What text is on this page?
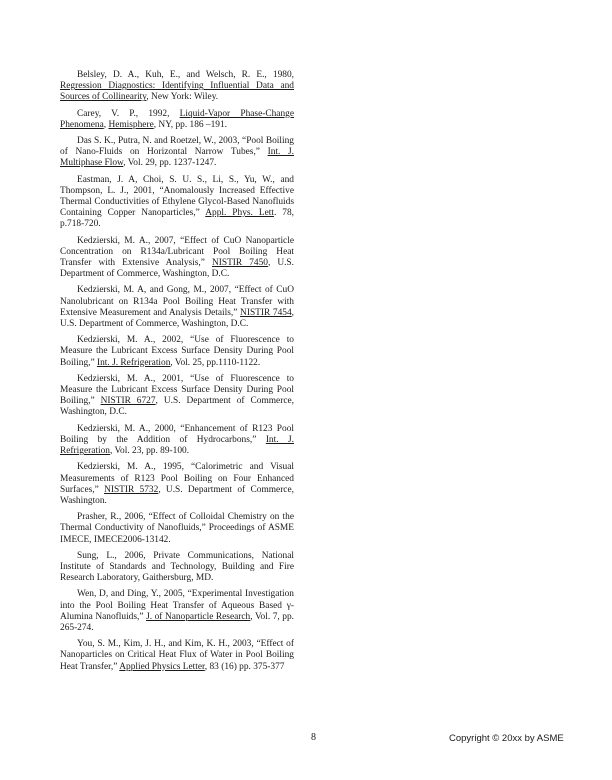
Belsley, D. A., Kuh, E., and Welsch, R. E., 1980, Regression Diagnostics: Identifying Influential Data and Sources of Collinearity, New York: Wiley.

Carey, V. P., 1992, Liquid-Vapor Phase-Change Phenomena, Hemisphere, NY, pp. 186 –191.

Das S. K., Putra, N. and Roetzel, W., 2003, “Pool Boiling of Nano-Fluids on Horizontal Narrow Tubes,” Int. J. Multiphase Flow, Vol. 29, pp. 1237-1247.

Eastman, J. A, Choi, S. U. S., Li, S., Yu, W., and Thompson, L. J., 2001, “Anomalously Increased Effective Thermal Conductivities of Ethylene Glycol-Based Nanofluids Containing Copper Nanoparticles,” Appl. Phys. Lett. 78, p.718-720.

Kedzierski, M. A., 2007, “Effect of CuO Nanoparticle Concentration on R134a/Lubricant Pool Boiling Heat Transfer with Extensive Analysis,” NISTIR 7450, U.S. Department of Commerce, Washington, D.C.

Kedzierski, M. A, and Gong, M., 2007, “Effect of CuO Nanolubricant on R134a Pool Boiling Heat Transfer with Extensive Measurement and Analysis Details,” NISTIR 7454, U.S. Department of Commerce, Washington, D.C.

Kedzierski, M. A., 2002, “Use of Fluorescence to Measure the Lubricant Excess Surface Density During Pool Boiling,” Int. J. Refrigeration, Vol. 25, pp.1110-1122.

Kedzierski, M. A., 2001, “Use of Fluorescence to Measure the Lubricant Excess Surface Density During Pool Boiling,” NISTIR 6727, U.S. Department of Commerce, Washington, D.C.

Kedzierski, M. A., 2000, “Enhancement of R123 Pool Boiling by the Addition of Hydrocarbons,” Int. J. Refrigeration, Vol. 23, pp. 89-100.

Kedzierski, M. A., 1995, “Calorimetric and Visual Measurements of R123 Pool Boiling on Four Enhanced Surfaces,” NISTIR 5732, U.S. Department of Commerce, Washington.

Prasher, R., 2006, “Effect of Colloidal Chemistry on the Thermal Conductivity of Nanofluids,” Proceedings of ASME IMECE, IMECE2006-13142.

Sung, L., 2006, Private Communications, National Institute of Standards and Technology, Building and Fire Research Laboratory, Gaithersburg, MD.

Wen, D, and Ding, Y., 2005, “Experimental Investigation into the Pool Boiling Heat Transfer of Aqueous Based γ-Alumina Nanofluids,” J. of Nanoparticle Research, Vol. 7, pp. 265-274.

You, S. M., Kim, J. H., and Kim, K. H., 2003, “Effect of Nanoparticles on Critical Heat Flux of Water in Pool Boiling Heat Transfer,” Applied Physics Letter, 83 (16) pp. 375-377

8	Copyright © 20xx by ASME
